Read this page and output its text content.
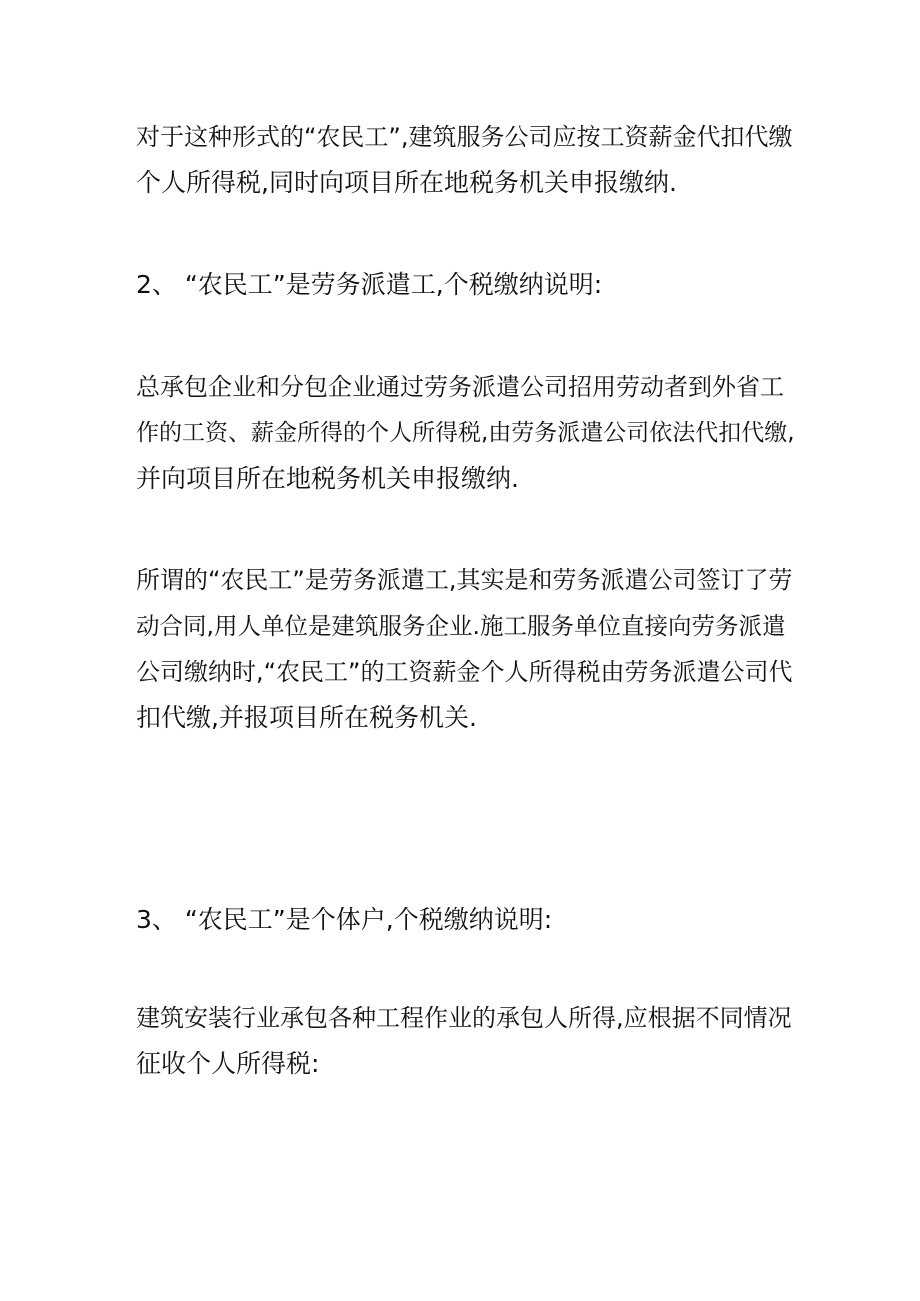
对于这种形式的“农民工”,建筑服务公司应按工资薪金代扣代缴
个人所得税,同时向项目所在地税务机关申报缴纳.

2、 “农民工”是劳务派遣工,个税缴纳说明:

总承包企业和分包企业通过劳务派遣公司招用劳动者到外省工
作的工资、薪金所得的个人所得税,由劳务派遣公司依法代扣代缴,
并向项目所在地税务机关申报缴纳.

所谓的“农民工”是劳务派遣工,其实是和劳务派遣公司签订了劳
动合同,用人单位是建筑服务企业.施工服务单位直接向劳务派遣
公司缴纳时,“农民工”的工资薪金个人所得税由劳务派遣公司代
扣代缴,并报项目所在税务机关.

3、 “农民工”是个体户,个税缴纳说明:

建筑安装行业承包各种工程作业的承包人所得,应根据不同情况
征收个人所得税:
